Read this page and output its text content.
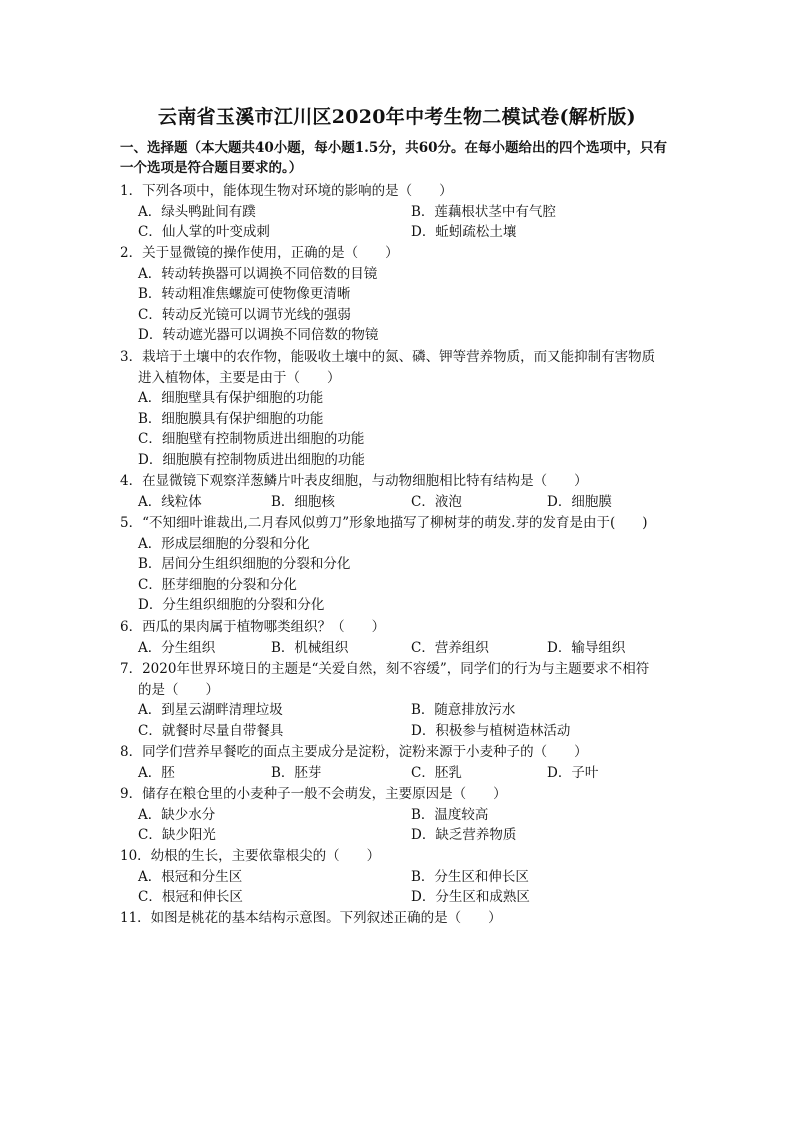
云南省玉溪市江川区2020年中考生物二模试卷(解析版)
一、选择题（本大题共40小题，每小题1.5分，共60分。在每小题给出的四个选项中，只有一个选项是符合题目要求的。）
1．下列各项中，能体现生物对环境的影响的是（　　）
A．绿头鸭趾间有蹼	B．莲藕根状茎中有气腔
C．仙人掌的叶变成刺	D．蚯蚓疏松土壤
2．关于显微镜的操作使用，正确的是（　　）
A．转动转换器可以调换不同倍数的目镜
B．转动粗准焦螺旋可使物像更清晰
C．转动反光镜可以调节光线的强弱
D．转动遮光器可以调换不同倍数的物镜
3．栽培于土壤中的农作物，能吸收土壤中的氮、磷、钾等营养物质，而又能抑制有害物质
进入植物体，主要是由于（　　）
A．细胞壁具有保护细胞的功能
B．细胞膜具有保护细胞的功能
C．细胞壁有控制物质进出细胞的功能
D．细胞膜有控制物质进出细胞的功能
4．在显微镜下观察洋葱鳞片叶表皮细胞，与动物细胞相比特有结构是（　　）
A．线粒体	B．细胞核	C．液泡	D．细胞膜
5．“不知细叶谁裁出,二月春风似剪刀”形象地描写了柳树芽的萌发.芽的发育是由于(　　)
A．形成层细胞的分裂和分化
B．居间分生组织细胞的分裂和分化
C．胚芽细胞的分裂和分化
D．分生组织细胞的分裂和分化
6．西瓜的果肉属于植物哪类组织？（　　）
A．分生组织	B．机械组织	C．营养组织	D．输导组织
7．2020年世界环境日的主题是“关爱自然，刻不容缓”，同学们的行为与主题要求不相符
的是（　　）
A．到星云湖畔清理垃圾	B．随意排放污水
C．就餐时尽量自带餐具	D．积极参与植树造林活动
8．同学们营养早餐吃的面点主要成分是淀粉，淀粉来源于小麦种子的（　　）
A．胚	B．胚芽	C．胚乳	D．子叶
9．储存在粮仓里的小麦种子一般不会萌发，主要原因是（　　）
A．缺少水分	B．温度较高
C．缺少阳光	D．缺乏营养物质
10．幼根的生长，主要依靠根尖的（　　）
A．根冠和分生区	B．分生区和伸长区
C．根冠和伸长区	D．分生区和成熟区
11．如图是桃花的基本结构示意图。下列叙述正确的是（　　）
